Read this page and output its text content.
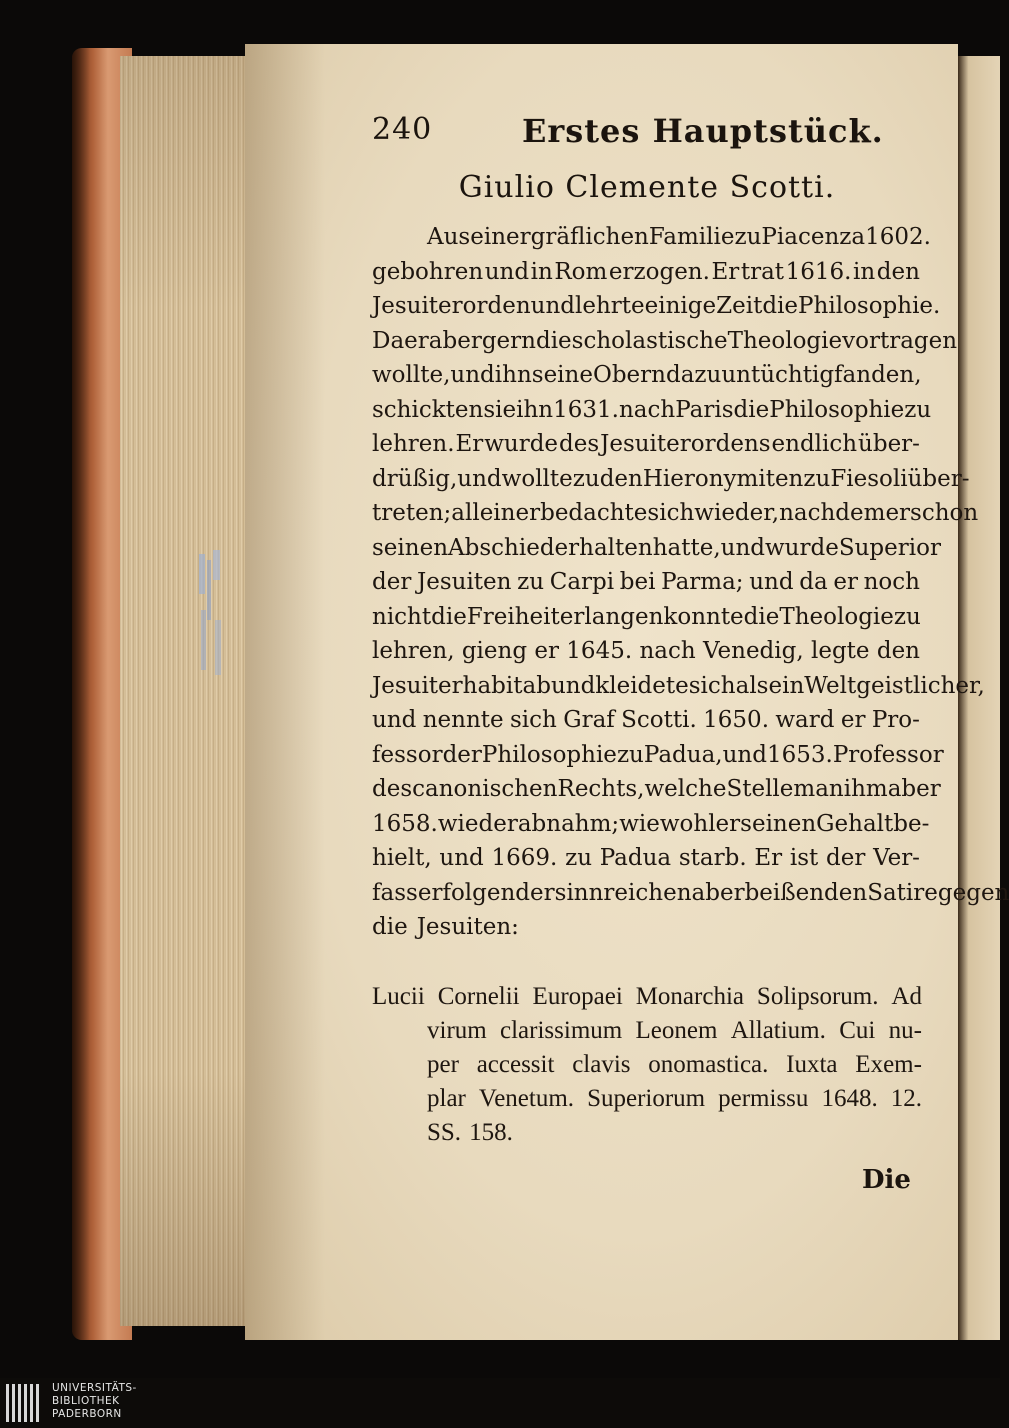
240	Erstes Hauptstück.
Giulio Clemente Scotti.
Aus einer gräflichen Familie zu Piacenza 1602.
gebohren und in Rom erzogen. Er trat 1616. in den
Jesuiterorden und lehrte einige Zeit die Philosophie.
Da er aber gern die scholastische Theologie vortragen
wollte, und ihn seine Obern dazu untüchtig fanden,
schickten sie ihn 1631. nach Paris die Philosophie zu
lehren. Er wurde des Jesuiterordens endlich über-
drüßig, und wollte zu den Hieronymiten zu Fiesoli über-
treten; allein er bedachte sich wieder, nachdem er schon
seinen Abschied erhalten hatte, und wurde Superior
der Jesuiten zu Carpi bei Parma; und da er noch
nicht die Freiheit erlangen konnte die Theologie zu
lehren, gieng er 1645. nach Venedig, legte den
Jesuiterhabit ab und kleidete sich als ein Weltgeistlicher,
und nennte sich Graf Scotti. 1650. ward er Pro-
fessor der Philosophie zu Padua, und 1653. Professor
des canonischen Rechts, welche Stelle man ihm aber
1658. wieder abnahm; wiewohl er seinen Gehalt be-
hielt, und 1669. zu Padua starb. Er ist der Ver-
fasser folgender sinnreichen aber beißenden Satire gegen
die Jesuiten:
Lucii Cornelii Europaei Monarchia Solipsorum. Ad
virum clarissimum Leonem Allatium. Cui nu-
per accessit clavis onomastica. Iuxta Exem-
plar Venetum. Superiorum permissu 1648. 12.
SS. 158.
Die
UNIVERSITÄTS-
BIBLIOTHEK
PADERBORN
